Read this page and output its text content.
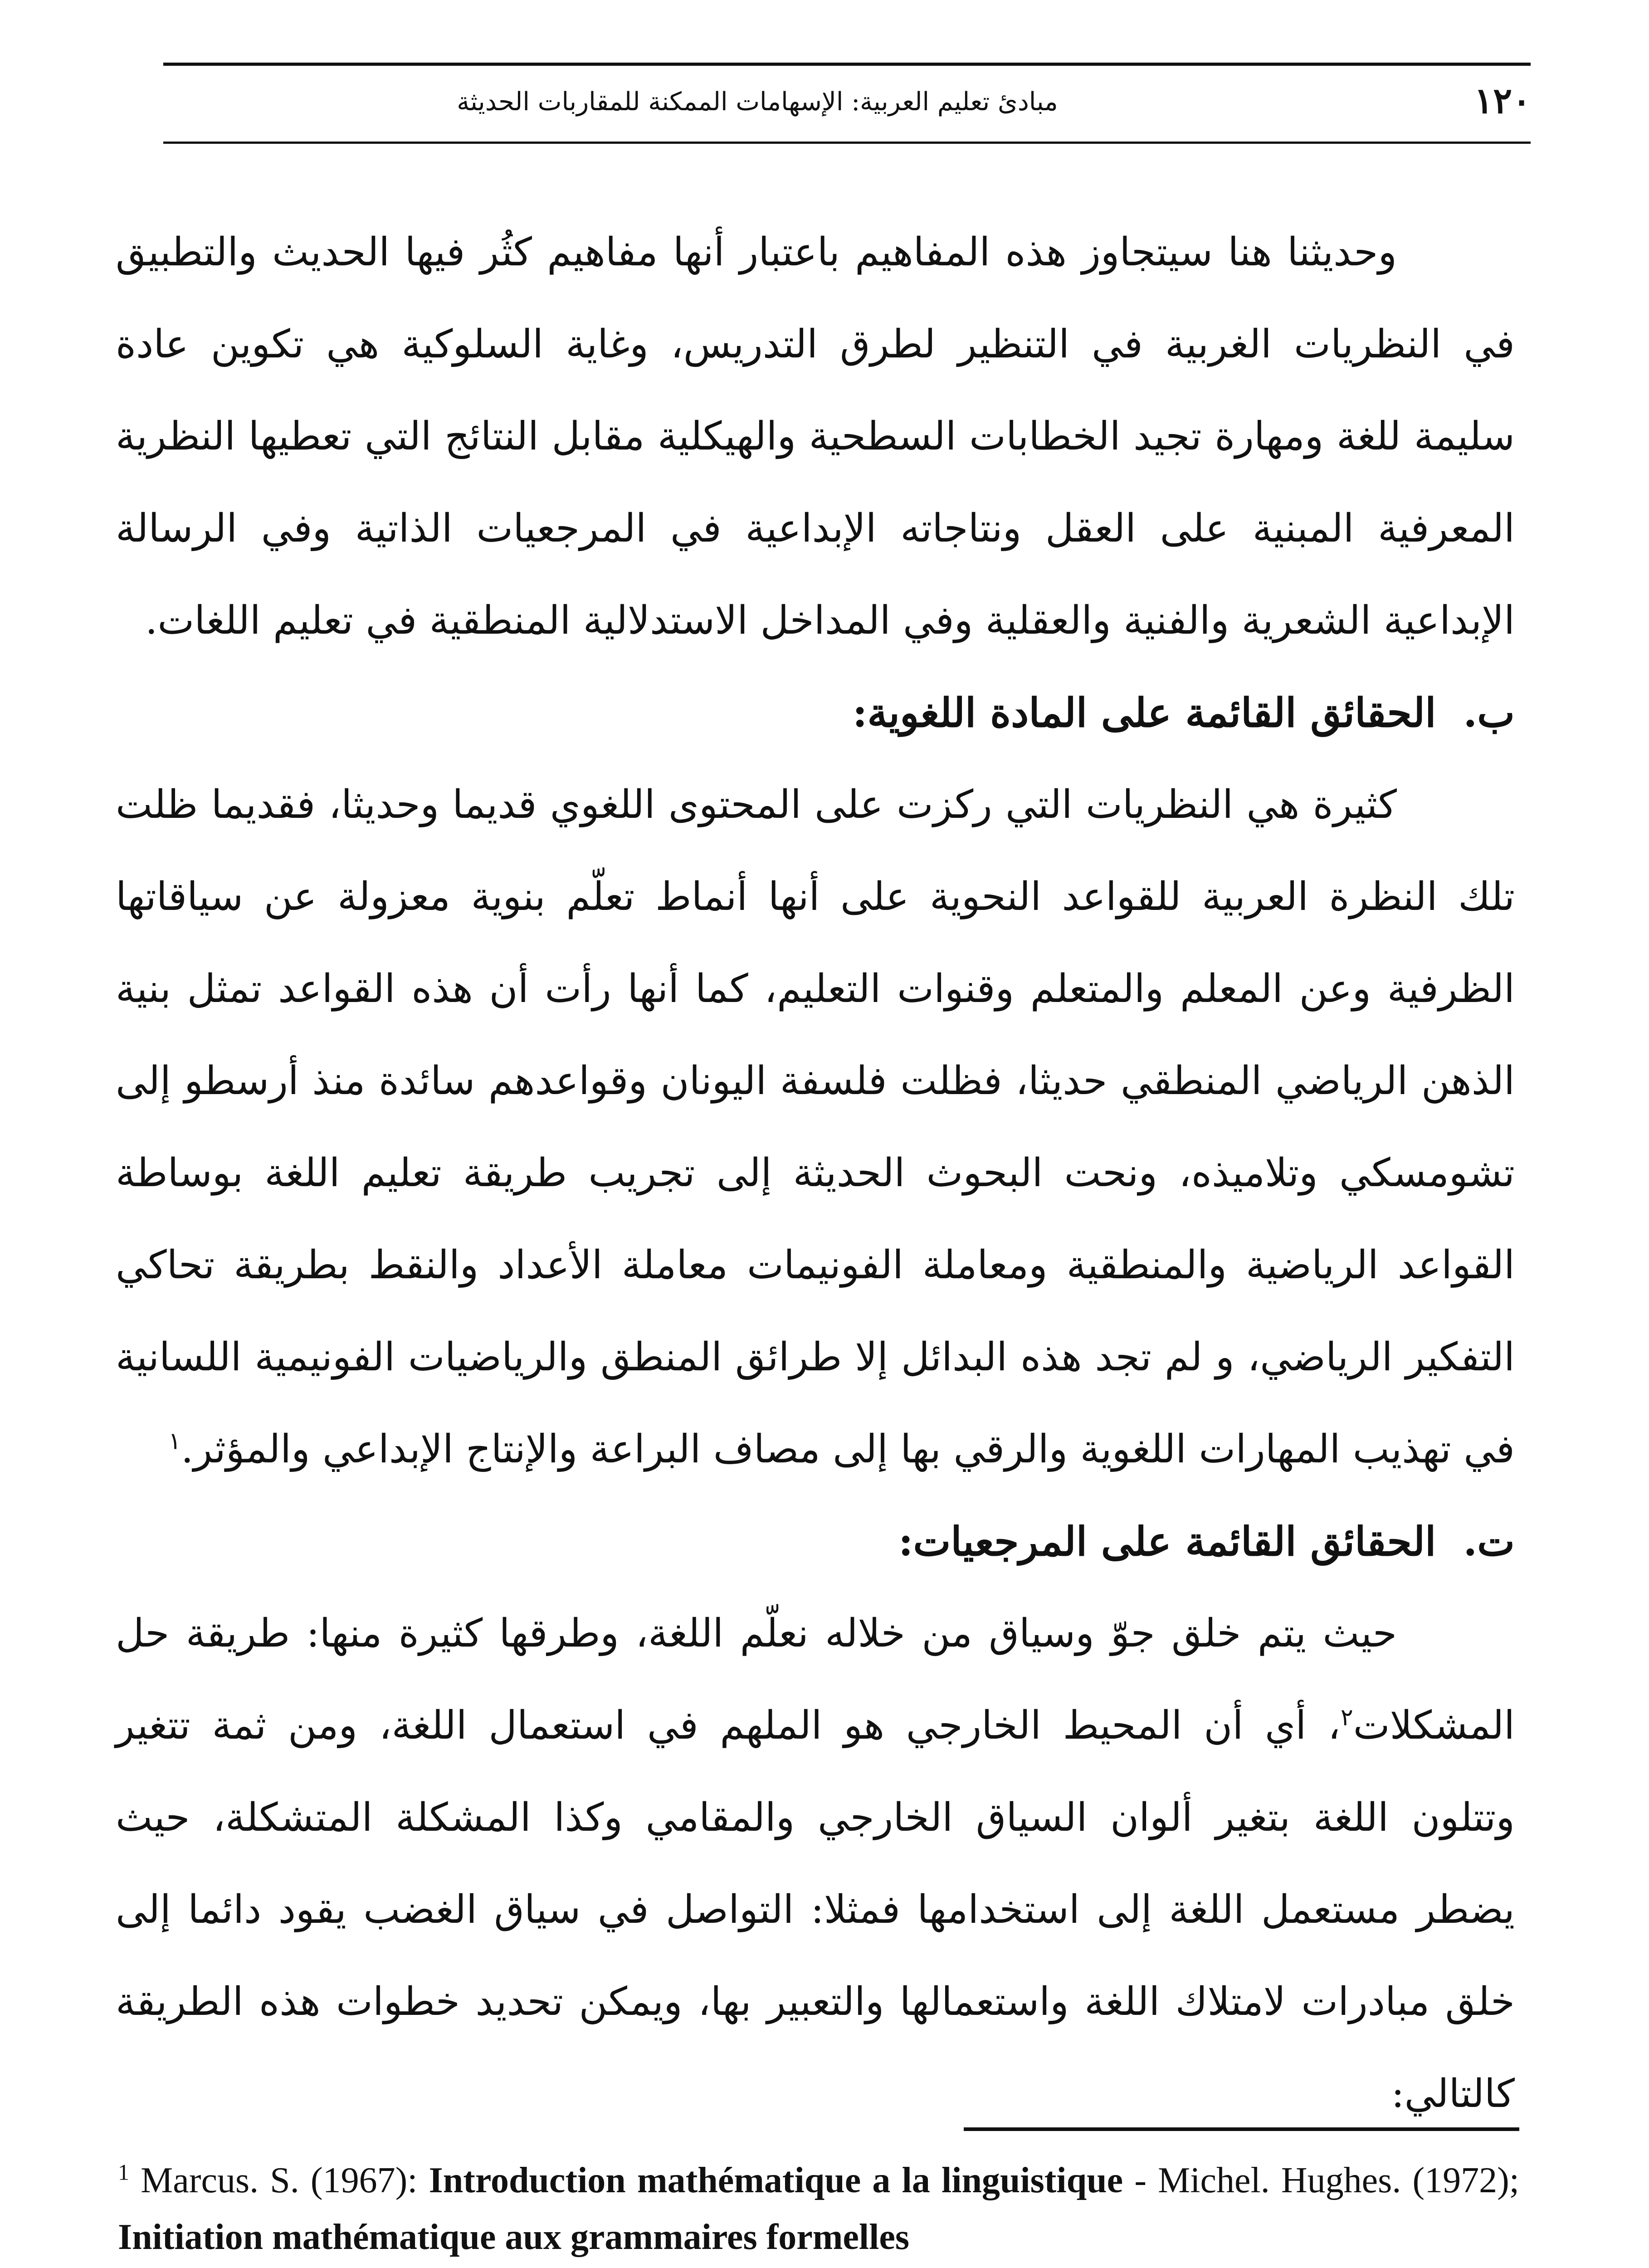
١٢٠
مبادئ تعليم العربية: الإسهامات الممكنة للمقاربات الحديثة

وحديثنا هنا سيتجاوز هذه المفاهيم باعتبار أنها مفاهيم كثُر فيها الحديث والتطبيق في النظريات الغربية في التنظير لطرق التدريس، وغاية السلوكية هي تكوين عادة سليمة للغة ومهارة تجيد الخطابات السطحية والهيكلية مقابل النتائج التي تعطيها النظرية المعرفية المبنية على العقل ونتاجاته الإبداعية في المرجعيات الذاتية وفي الرسالة الإبداعية الشعرية والفنية والعقلية وفي المداخل الاستدلالية المنطقية في تعليم اللغات.

ب.الحقائق القائمة على المادة اللغوية:

كثيرة هي النظريات التي ركزت على المحتوى اللغوي قديما وحديثا، فقديما ظلت تلك النظرة العربية للقواعد النحوية على أنها أنماط تعلّم بنوية معزولة عن سياقاتها الظرفية وعن المعلم والمتعلم وقنوات التعليم، كما أنها رأت أن هذه القواعد تمثل بنية الذهن الرياضي المنطقي حديثا، فظلت فلسفة اليونان وقواعدهم سائدة منذ أرسطو إلى تشومسكي وتلاميذه، ونحت البحوث الحديثة إلى تجريب طريقة تعليم اللغة بوساطة القواعد الرياضية والمنطقية ومعاملة الفونيمات معاملة الأعداد والنقط بطريقة تحاكي التفكير الرياضي، و لم تجد هذه البدائل إلا طرائق المنطق والرياضيات الفونيمية اللسانية في تهذيب المهارات اللغوية والرقي بها إلى مصاف البراعة والإنتاج الإبداعي والمؤثر.$^١$

ت.الحقائق القائمة على المرجعيات:

حيث يتم خلق جوّ وسياق من خلاله نعلّم اللغة، وطرقها كثيرة منها: طريقة حل المشكلات$^٢$، أي أن المحيط الخارجي هو الملهم في استعمال اللغة، ومن ثمة تتغير وتتلون اللغة بتغير ألوان السياق الخارجي والمقامي وكذا المشكلة المتشكلة، حيث يضطر مستعمل اللغة إلى استخدامها فمثلا: التواصل في سياق الغضب يقود دائما إلى خلق مبادرات لامتلاك اللغة واستعمالها والتعبير بها، ويمكن تحديد خطوات هذه الطريقة كالتالي:

$^1$ Marcus. S. (1967): Introduction mathématique a la linguistique - Michel. Hughes. (1972); Initiation mathématique aux grammaires formelles
